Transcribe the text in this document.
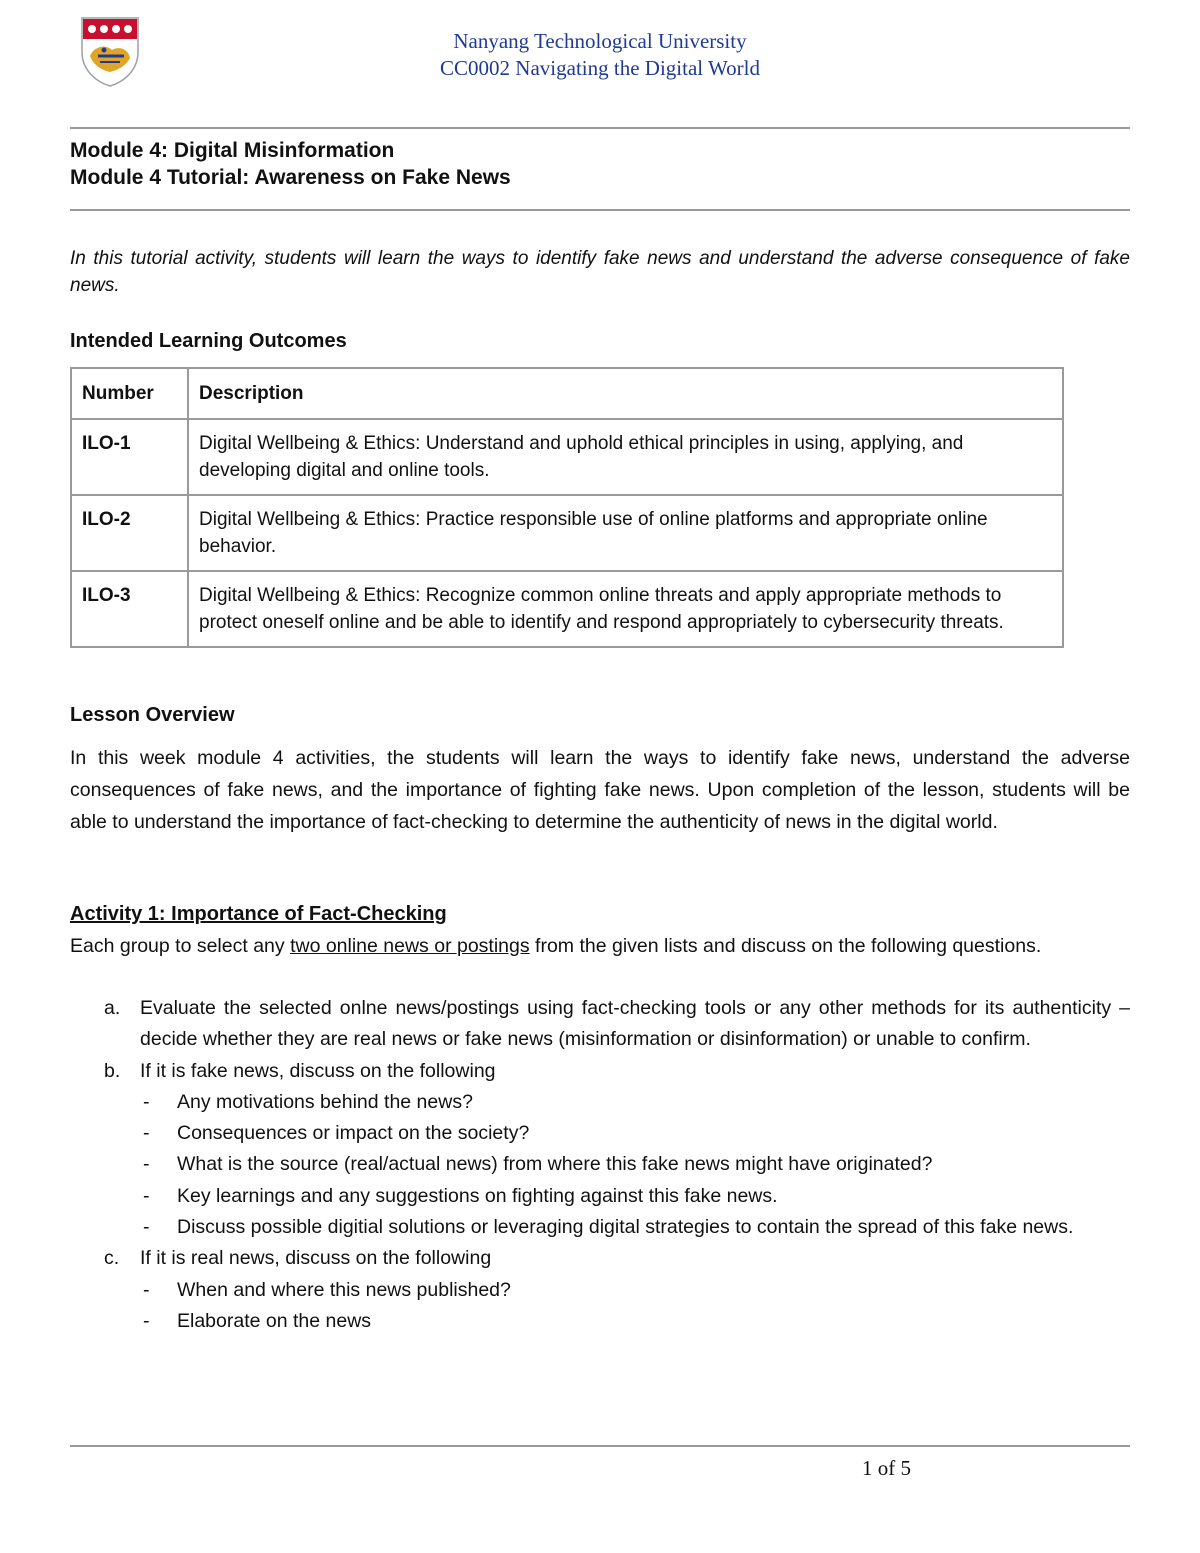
Nanyang Technological University
CC0002 Navigating the Digital World
Module 4: Digital Misinformation
Module 4 Tutorial: Awareness on Fake News
In this tutorial activity, students will learn the ways to identify fake news and understand the adverse consequence of fake news.
Intended Learning Outcomes
Number	Description
ILO-1	Digital Wellbeing & Ethics: Understand and uphold ethical principles in using, applying, and developing digital and online tools.
ILO-2	Digital Wellbeing & Ethics: Practice responsible use of online platforms and appropriate online behavior.
ILO-3	Digital Wellbeing & Ethics: Recognize common online threats and apply appropriate methods to protect oneself online and be able to identify and respond appropriately to cybersecurity threats.
Lesson Overview
In this week module 4 activities, the students will learn the ways to identify fake news, understand the adverse consequences of fake news, and the importance of fighting fake news. Upon completion of the lesson, students will be able to understand the importance of fact-checking to determine the authenticity of news in the digital world.
Activity 1: Importance of Fact-Checking
Each group to select any two online news or postings from the given lists and discuss on the following questions.
a. Evaluate the selected onlne news/postings using fact-checking tools or any other methods for its authenticity – decide whether they are real news or fake news (misinformation or disinformation) or unable to confirm.
b. If it is fake news, discuss on the following
- Any motivations behind the news?
- Consequences or impact on the society?
- What is the source (real/actual news) from where this fake news might have originated?
- Key learnings and any suggestions on fighting against this fake news.
- Discuss possible digitial solutions or leveraging digital strategies to contain the spread of this fake news.
c. If it is real news, discuss on the following
- When and where this news published?
- Elaborate on the news
1 of 5
